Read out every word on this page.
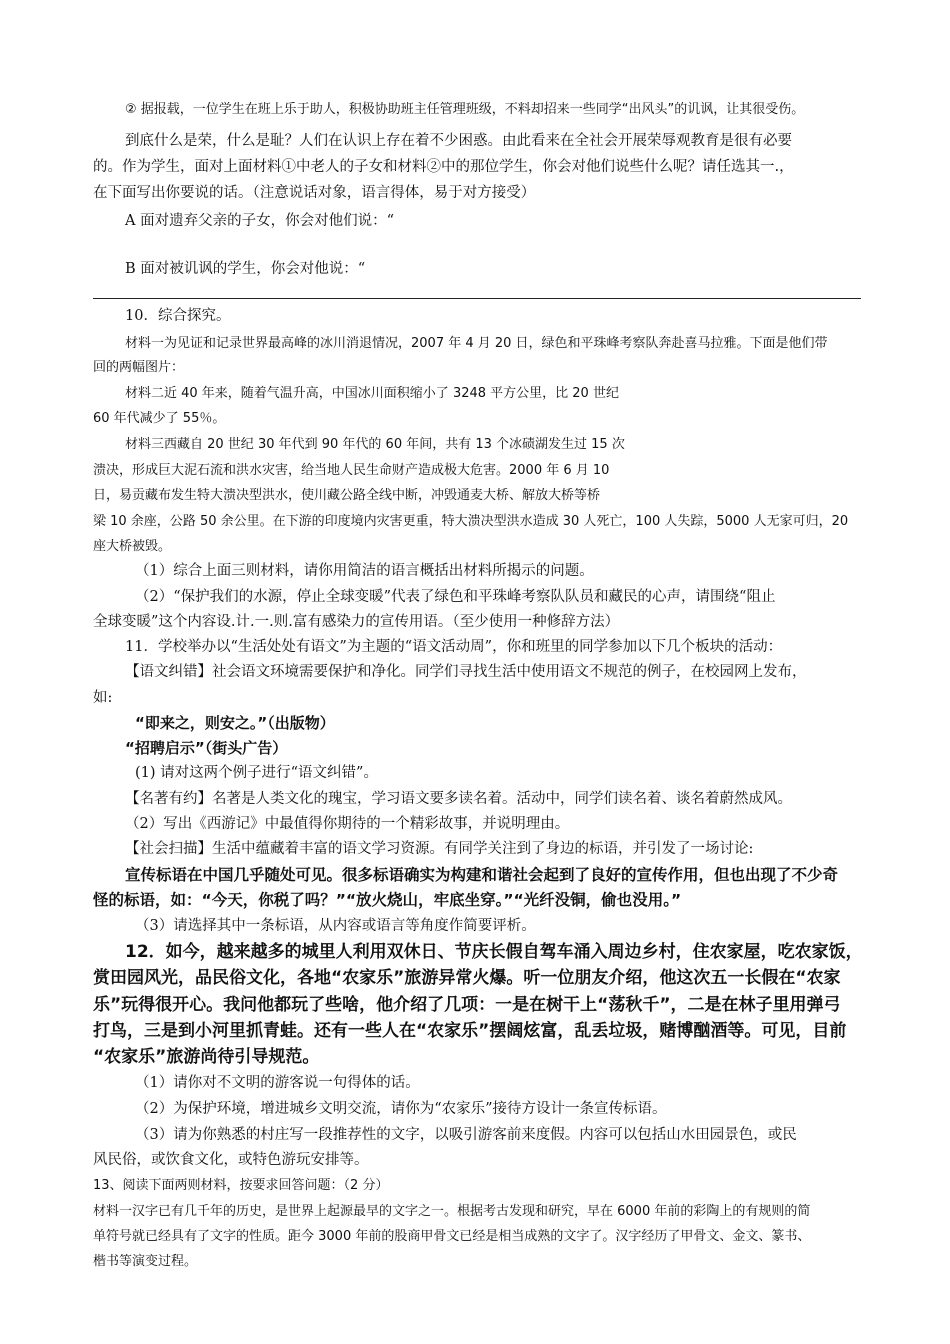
② 据报载，一位学生在班上乐于助人，积极协助班主任管理班级，不料却招来一些同学“出风头”的讥讽，让其很受伤。
到底什么是荣，什么是耻？人们在认识上存在着不少困惑。由此看来在全社会开展荣辱观教育是很有必要
的。作为学生，面对上面材料①中老人的子女和材料②中的那位学生，你会对他们说些什么呢？请任选其一.，
在下面写出你要说的话。（注意说话对象，语言得体，易于对方接受）
A 面对遗弃父亲的子女，你会对他们说：“
B 面对被讥讽的学生，你会对他说：“
10．综合探究。
材料一为见证和记录世界最高峰的冰川消退情况，2007 年 4 月 20 日，绿色和平珠峰考察队奔赴喜马拉雅。下面是他们带
回的两幅图片：
材料二近 40 年来，随着气温升高，中国冰川面积缩小了 3248 平方公里，比 20 世纪
60 年代减少了 55％。
材料三西藏自 20 世纪 30 年代到 90 年代的 60 年间，共有 13 个冰碛湖发生过 15 次
溃决，形成巨大泥石流和洪水灾害，给当地人民生命财产造成极大危害。2000 年 6 月 10
日，易贡藏布发生特大溃决型洪水，使川藏公路全线中断，冲毁通麦大桥、解放大桥等桥
梁 10 余座，公路 50 余公里。在下游的印度境内灾害更重，特大溃决型洪水造成 30 人死亡，100 人失踪，5000 人无家可归，20
座大桥被毁。
（1）综合上面三则材料，请你用简洁的语言概括出材料所揭示的问题。
（2）“保护我们的水源，停止全球变暖”代表了绿色和平珠峰考察队队员和藏民的心声，请围绕“阻止
全球变暖”这个内容设.计.一.则.富有感染力的宣传用语。（至少使用一种修辞方法）
11．学校举办以“生活处处有语文”为主题的“语文活动周”，你和班里的同学参加以下几个板块的活动：
【语文纠错】社会语文环境需要保护和净化。同学们寻找生活中使用语文不规范的例子，在校园网上发布，
如:
“即来之，则安之。”（出版物）
“招聘启示”（街头广告）
(1) 请对这两个例子进行“语文纠错”。
【名著有约】名著是人类文化的瑰宝，学习语文要多读名着。活动中，同学们读名着、谈名着蔚然成风。
（2）写出《西游记》中最值得你期待的一个精彩故事，并说明理由。
【社会扫描】生活中蕴藏着丰富的语文学习资源。有同学关注到了身边的标语，并引发了一场讨论:
宣传标语在中国几乎随处可见。很多标语确实为构建和谐社会起到了良好的宣传作用，但也出现了不少奇
怪的标语，如：“今天，你税了吗？”“放火烧山，牢底坐穿。”“光纤没铜，偷也没用。”
（3）请选择其中一条标语，从内容或语言等角度作简要评析。
12．如今，越来越多的城里人利用双休日、节庆长假自驾车涌入周边乡村，住农家屋，吃农家饭，
赏田园风光，品民俗文化，各地“农家乐”旅游异常火爆。听一位朋友介绍，他这次五一长假在“农家
乐”玩得很开心。我问他都玩了些啥，他介绍了几项：一是在树干上“荡秋千”，二是在林子里用弹弓
打鸟，三是到小河里抓青蛙。还有一些人在“农家乐”摆阔炫富，乱丢垃圾，赌博酗酒等。可见，目前
“农家乐”旅游尚待引导规范。
（1）请你对不文明的游客说一句得体的话。
（2）为保护环境，增进城乡文明交流，请你为“农家乐”接待方设计一条宣传标语。
（3）请为你熟悉的村庄写一段推荐性的文字，以吸引游客前来度假。内容可以包括山水田园景色，或民
风民俗，或饮食文化，或特色游玩安排等。
13、阅读下面两则材料，按要求回答问题：（2 分）
材料一汉字已有几千年的历史，是世界上起源最早的文字之一。根据考古发现和研究，早在 6000 年前的彩陶上的有规则的简
单符号就已经具有了文字的性质。距今 3000 年前的股商甲骨文已经是相当成熟的文字了。汉字经历了甲骨文、金文、篆书、
楷书等演变过程。
